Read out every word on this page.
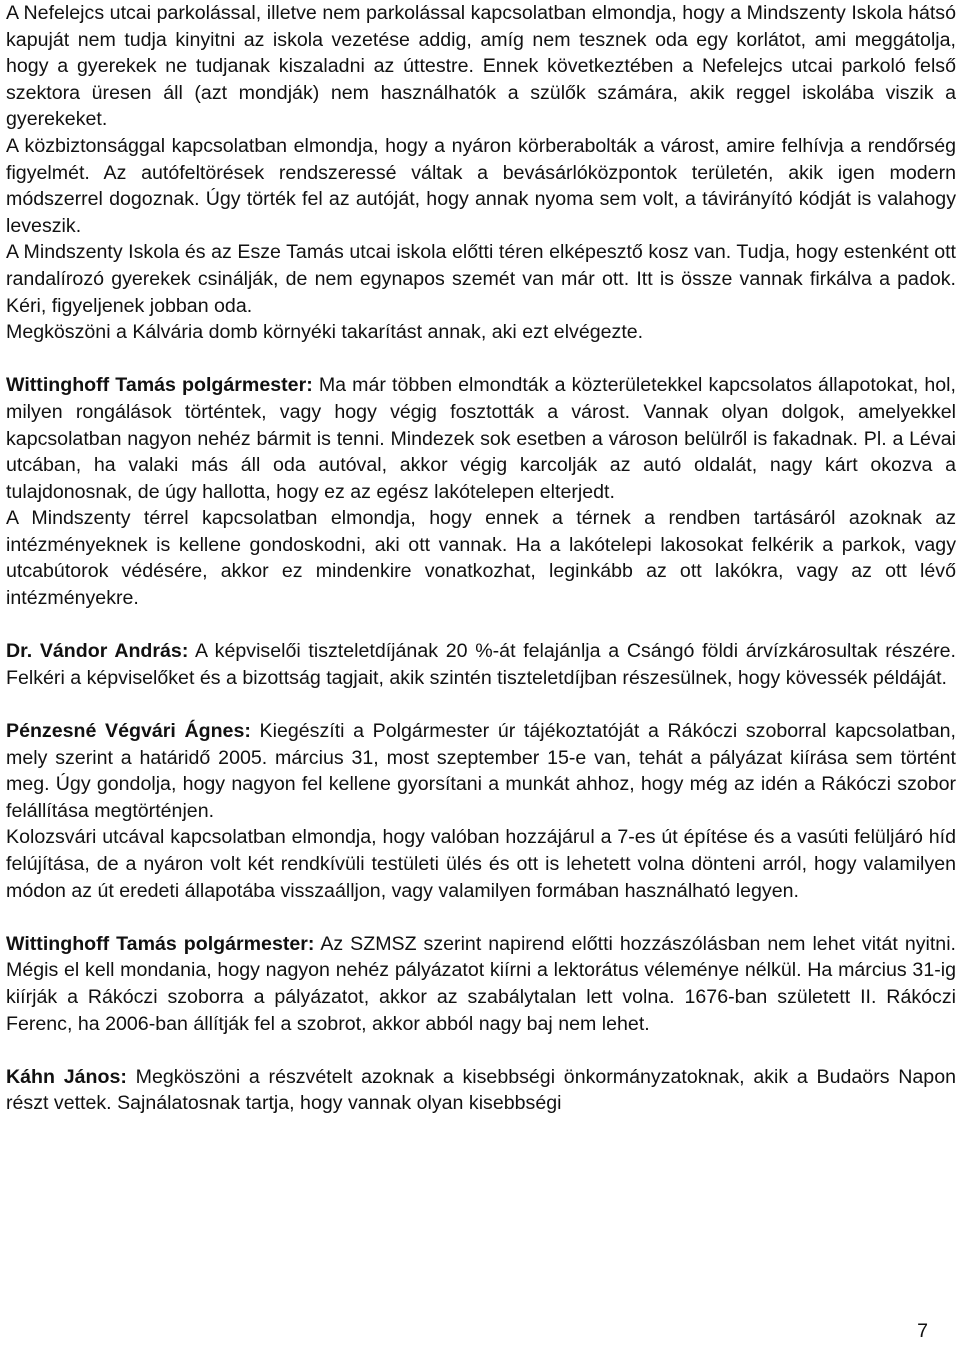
A Nefelejcs utcai parkolással, illetve nem parkolással kapcsolatban elmondja, hogy a Mindszenty Iskola hátsó kapuját nem tudja kinyitni az iskola vezetése addig, amíg nem tesznek oda egy korlátot, ami meggátolja, hogy a gyerekek ne tudjanak kiszaladni az úttestre. Ennek következtében a Nefelejcs utcai parkoló felső szektora üresen áll (azt mondják) nem használhatók a szülők számára, akik reggel iskolába viszik a gyerekeket.

A közbiztonsággal kapcsolatban elmondja, hogy a nyáron körberabolták a várost, amire felhívja a rendőrség figyelmét. Az autófeltörések rendszeressé váltak a bevásárlóközpontok területén, akik igen modern módszerrel dogoznak. Úgy törték fel az autóját, hogy annak nyoma sem volt, a távirányító kódját is valahogy leveszik.

A Mindszenty Iskola és az Esze Tamás utcai iskola előtti téren elképesztő kosz van. Tudja, hogy estenként ott randalírozó gyerekek csinálják, de nem egynapos szemét van már ott. Itt is össze vannak firkálva a padok. Kéri, figyeljenek jobban oda.

Megköszöni a Kálvária domb környéki takarítást annak, aki ezt elvégezte.

Wittinghoff Tamás polgármester: Ma már többen elmondták a közterületekkel kapcsolatos állapotokat, hol, milyen rongálások történtek, vagy hogy végig fosztották a várost. Vannak olyan dolgok, amelyekkel kapcsolatban nagyon nehéz bármit is tenni. Mindezek sok esetben a városon belülről is fakadnak. Pl. a Lévai utcában, ha valaki más áll oda autóval, akkor végig karcolják az autó oldalát, nagy kárt okozva a tulajdonosnak, de úgy hallotta, hogy ez az egész lakótelepen elterjedt.

A Mindszenty térrel kapcsolatban elmondja, hogy ennek a térnek a rendben tartásáról azoknak az intézményeknek is kellene gondoskodni, aki ott vannak. Ha a lakótelepi lakosokat felkérik a parkok, vagy utcabútorok védésére, akkor ez mindenkire vonatkozhat, leginkább az ott lakókra, vagy az ott lévő intézményekre.

Dr. Vándor András: A képviselői tiszteletdíjának 20 %-át felajánlja a Csángó földi árvízkárosultak részére. Felkéri a képviselőket és a bizottság tagjait, akik szintén tiszteletdíjban részesülnek, hogy kövessék példáját.

Pénzesné Végvári Ágnes: Kiegészíti a Polgármester úr tájékoztatóját a Rákóczi szoborral kapcsolatban, mely szerint a határidő 2005. március 31, most szeptember 15-e van, tehát a pályázat kiírása sem történt meg. Úgy gondolja, hogy nagyon fel kellene gyorsítani a munkát ahhoz, hogy még az idén a Rákóczi szobor felállítása megtörténjen.

Kolozsvári utcával kapcsolatban elmondja, hogy valóban hozzájárul a 7-es út építése és a vasúti felüljáró híd felújítása, de a nyáron volt két rendkívüli testületi ülés és ott is lehetett volna dönteni arról, hogy valamilyen módon az út eredeti állapotába visszaálljon, vagy valamilyen formában használható legyen.

Wittinghoff Tamás polgármester: Az SZMSZ szerint napirend előtti hozzászólásban nem lehet vitát nyitni. Mégis el kell mondania, hogy nagyon nehéz pályázatot kiírni a lektorátus véleménye nélkül. Ha március 31-ig kiírják a Rákóczi szoborra a pályázatot, akkor az szabálytalan lett volna. 1676-ban született II. Rákóczi Ferenc, ha 2006-ban állítják fel a szobrot, akkor abból nagy baj nem lehet.

Káhn János: Megköszöni a részvételt azoknak a kisebbségi önkormányzatoknak, akik a Budaörs Napon részt vettek. Sajnálatosnak tartja, hogy vannak olyan kisebbségi

7
